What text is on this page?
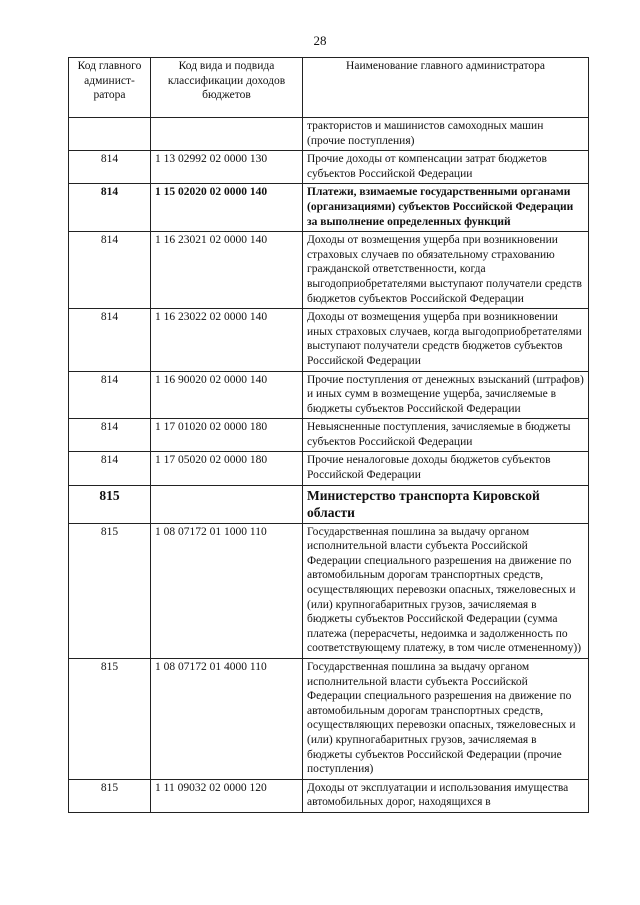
28
Код главного админист-ратора	Код вида и подвида классификации доходов бюджетов	Наименование главного администратора
		трактористов и машинистов самоходных машин (прочие поступления)
814	1 13 02992 02 0000 130	Прочие доходы от компенсации затрат бюджетов субъектов Российской Федерации
814	1 15 02020 02 0000 140	Платежи, взимаемые государственными органами (организациями) субъектов Российской Федерации за выполнение определенных функций
814	1 16 23021 02 0000 140	Доходы от возмещения ущерба при возникновении страховых случаев по обязательному страхованию гражданской ответственности, когда выгодоприобретателями выступают получатели средств бюджетов субъектов Российской Федерации
814	1 16 23022 02 0000 140	Доходы от возмещения ущерба при возникновении иных страховых случаев, когда выгодоприобретателями выступают получатели средств бюджетов субъектов Российской Федерации
814	1 16 90020 02 0000 140	Прочие поступления от денежных взысканий (штрафов) и иных сумм в возмещение ущерба, зачисляемые в бюджеты субъектов Российской Федерации
814	1 17 01020 02 0000 180	Невыясненные поступления, зачисляемые в бюджеты субъектов Российской Федерации
814	1 17 05020 02 0000 180	Прочие неналоговые доходы бюджетов субъектов Российской Федерации
815		Министерство транспорта Кировской области
815	1 08 07172 01 1000 110	Государственная пошлина за выдачу органом исполнительной власти субъекта Российской Федерации специального разрешения на движение по автомобильным дорогам транспортных средств, осуществляющих перевозки опасных, тяжеловесных и (или) крупногабаритных грузов, зачисляемая в бюджеты субъектов Российской Федерации (сумма платежа (перерасчеты, недоимка и задолженность по соответствующему платежу, в том числе отмененному))
815	1 08 07172 01 4000 110	Государственная пошлина за выдачу органом исполнительной власти субъекта Российской Федерации специального разрешения на движение по автомобильным дорогам транспортных средств, осуществляющих перевозки опасных, тяжеловесных и (или) крупногабаритных грузов, зачисляемая в бюджеты субъектов Российской Федерации (прочие поступления)
815	1 11 09032 02 0000 120	Доходы от эксплуатации и использования имущества автомобильных дорог, находящихся в
